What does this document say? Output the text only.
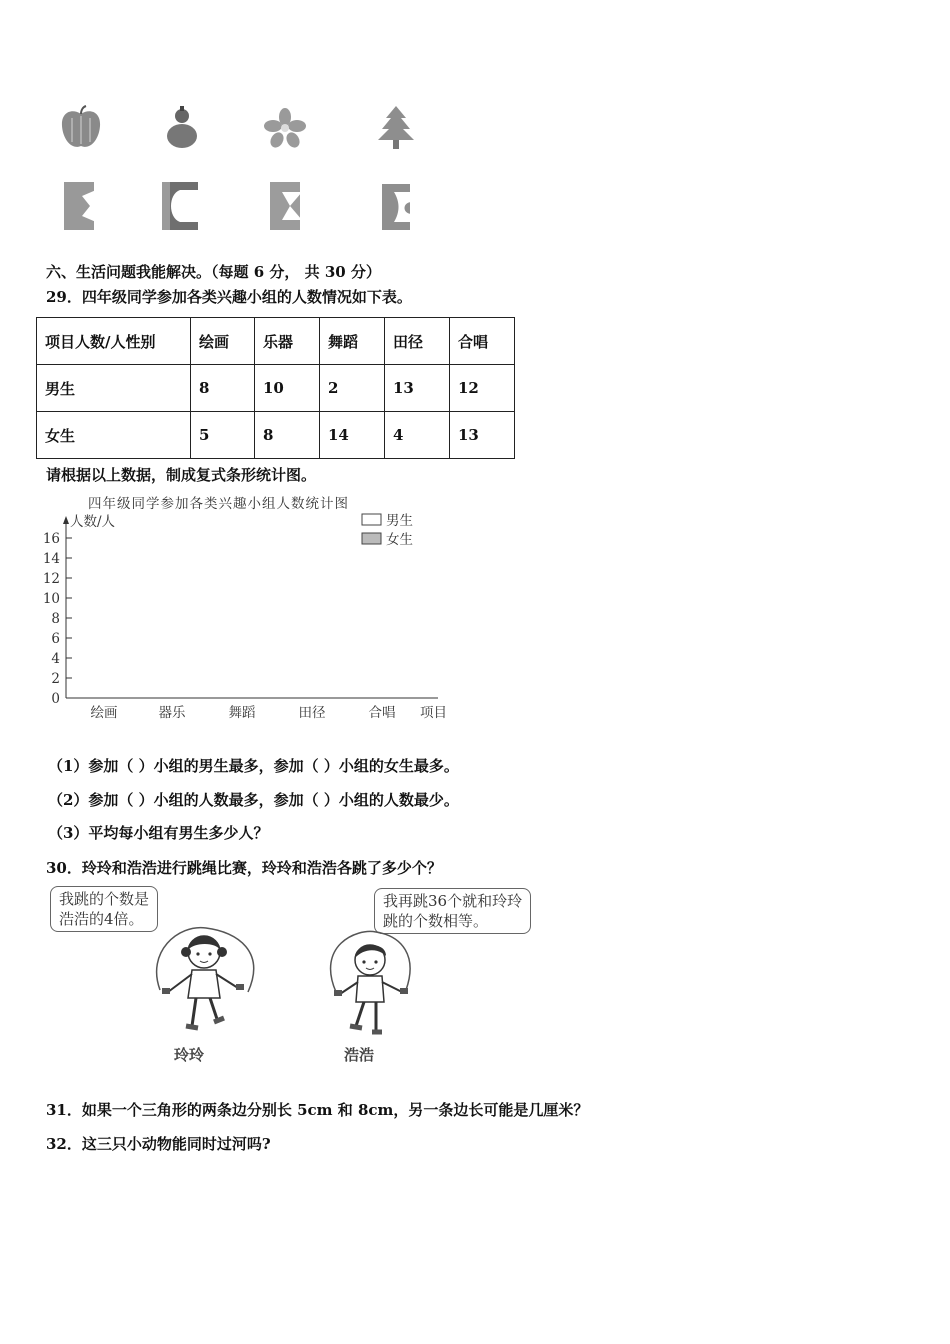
六、生活问题我能解决。（每题 6 分， 共 30 分）
29．四年级同学参加各类兴趣小组的人数情况如下表。
项目人数/人性别	绘画	乐器	舞蹈	田径	合唱
男生	8	10	2	13	12
女生	5	8	14	4	13
请根据以上数据，制成复式条形统计图。
四年级同学参加各类兴趣小组人数统计图
人数/人
0
2
4
6
8
10
12
14
16
绘画	器乐	舞蹈	田径	合唱 项目
男生
女生
（1）参加（ ）小组的男生最多，参加（ ）小组的女生最多。
（2）参加（ ）小组的人数最多，参加（ ）小组的人数最少。
（3）平均每小组有男生多少人？
30．玲玲和浩浩进行跳绳比赛，玲玲和浩浩各跳了多少个？
我跳的个数是
浩浩的4倍。
我再跳36个就和玲玲
跳的个数相等。
玲玲	浩浩
31．如果一个三角形的两条边分别长 5cm 和 8cm，另一条边长可能是几厘米？
32．这三只小动物能同时过河吗?
